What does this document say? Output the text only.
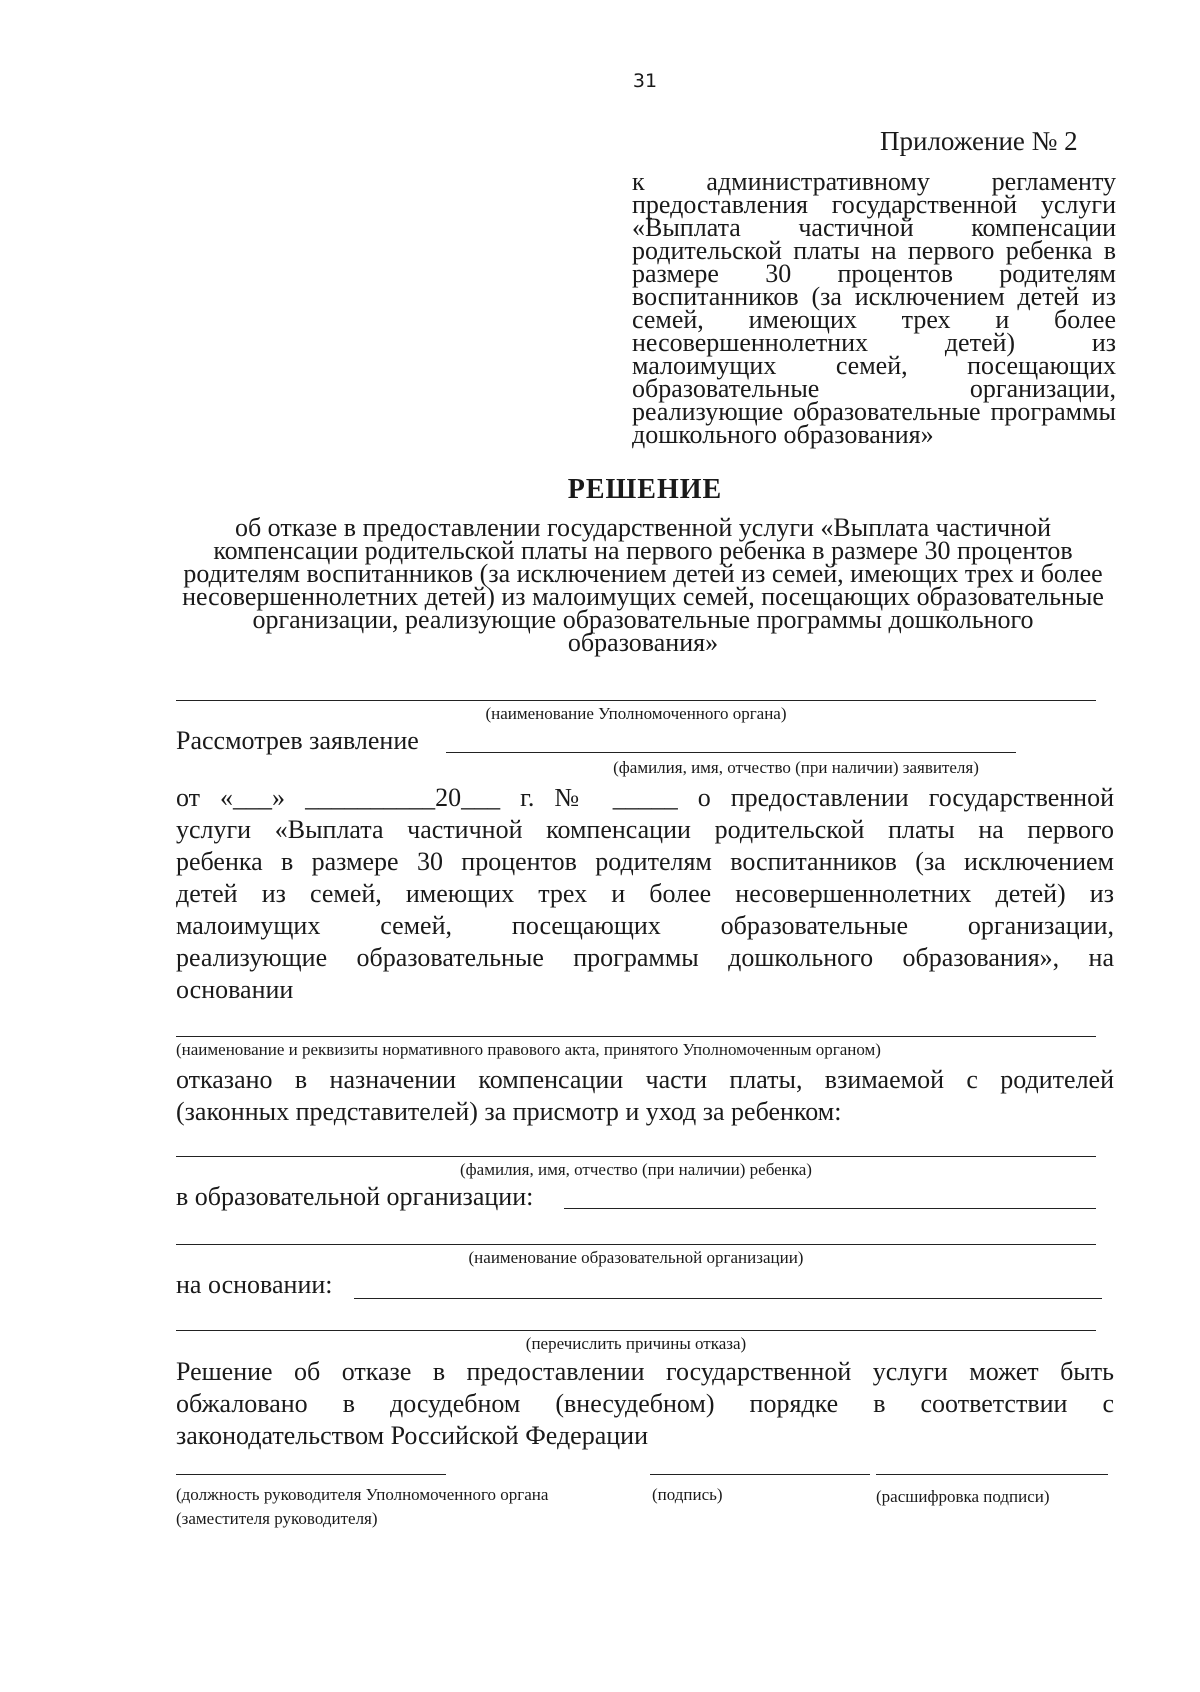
31
Приложение № 2
к административному регламенту предоставления государственной услуги «Выплата частичной компенсации родительской платы на первого ребенка в размере 30 процентов родителям воспитанников (за исключением детей из семей, имеющих трех и более несовершеннолетних детей) из малоимущих семей, посещающих образовательные организации, реализующие образовательные программы дошкольного образования»
РЕШЕНИЕ
об отказе в предоставлении государственной услуги «Выплата частичной компенсации родительской платы на первого ребенка в размере 30 процентов родителям воспитанников (за исключением детей из семей, имеющих трех и более несовершеннолетних детей) из малоимущих семей, посещающих образовательные организации, реализующие образовательные программы дошкольного образования»
(наименование Уполномоченного органа)
Рассмотрев заявление
(фамилия, имя, отчество (при наличии) заявителя)
от «___» __________20___ г. № _____ о предоставлении государственной
услуги «Выплата частичной компенсации родительской платы на первого
ребенка в размере 30 процентов родителям воспитанников (за исключением
детей из семей, имеющих трех и более несовершеннолетних детей) из
малоимущих семей, посещающих образовательные организации,
реализующие образовательные программы дошкольного образования», на
основании
(наименование и реквизиты нормативного правового акта, принятого Уполномоченным органом)
отказано в назначении компенсации части платы, взимаемой с родителей
(законных представителей) за присмотр и уход за ребенком:
(фамилия, имя, отчество (при наличии) ребенка)
в образовательной организации:
(наименование образовательной организации)
на основании:
(перечислить причины отказа)
Решение об отказе в предоставлении государственной услуги может быть
обжаловано в досудебном (внесудебном) порядке в соответствии с
законодательством Российской Федерации
(должность руководителя Уполномоченного органа
(заместителя руководителя)
(подпись)	(расшифровка подписи)
